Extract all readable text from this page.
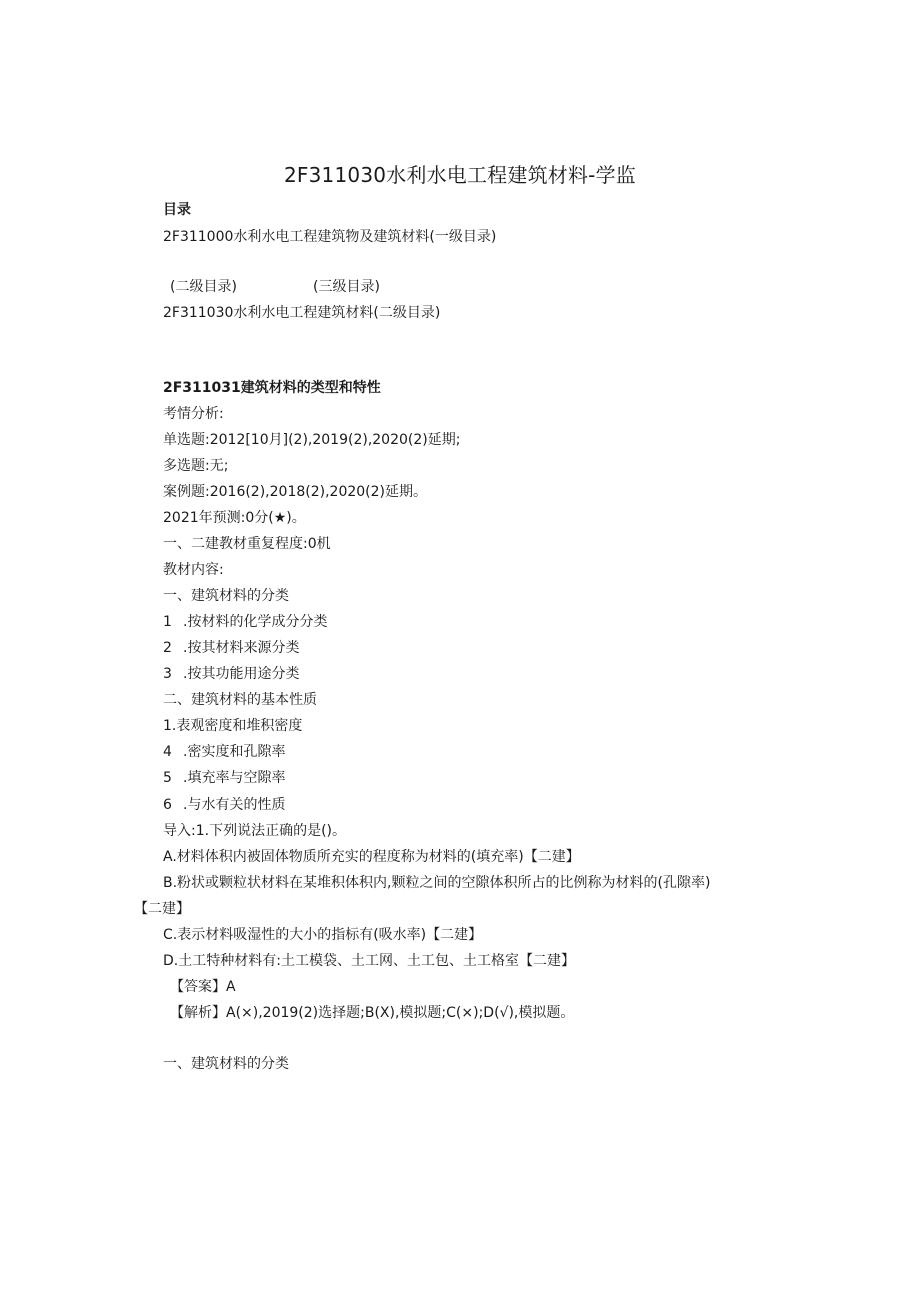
2F311030水利水电工程建筑材料-学监

目录

2F311000水利水电工程建筑物及建筑材料(一级目录)

(二级目录)	(三级目录)

2F311030水利水电工程建筑材料(二级目录)

2F311031建筑材料的类型和特性

考情分析:

单选题:2012[10月](2),2019(2),2020(2)延期;

多选题:无;

案例题:2016(2),2018(2),2020(2)延期。

2021年预测:0分(★)。

一、二建教材重复程度:0机

教材内容:

一、建筑材料的分类

1 .按材料的化学成分分类

2 .按其材料来源分类

3 .按其功能用途分类

二、建筑材料的基本性质

1.表观密度和堆积密度

4 .密实度和孔隙率

5 .填充率与空隙率

6 .与水有关的性质

导入:1.下列说法正确的是()。

A.材料体积内被固体物质所充实的程度称为材料的(填充率)【二建】

B.粉状或颗粒状材料在某堆积体积内,颗粒之间的空隙体积所占的比例称为材料的(孔隙率)

【二建】

C.表示材料吸湿性的大小的指标有(吸水率)【二建】

D.土工特种材料有:土工模袋、土工网、土工包、土工格室【二建】

【答案】A

【解析】A(×),2019(2)选择题;B(X),模拟题;C(×);D(√),模拟题。

一、建筑材料的分类
